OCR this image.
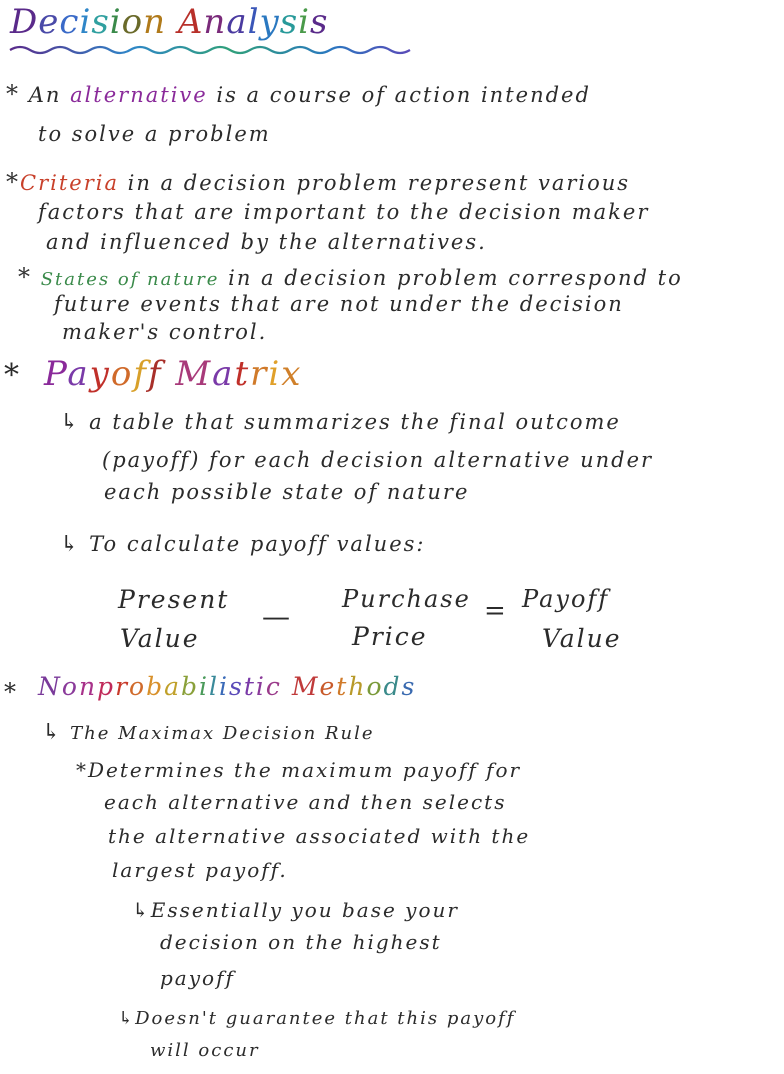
Decision Analysis
* An alternative is a course of action intended
to solve a problem
*Criteria in a decision problem represent various
factors that are important to the decision maker
and influenced by the alternatives.
* States of nature in a decision problem correspond to
future events that are not under the decision
maker's control.
* Payoff Matrix
↳ a table that summarizes the final outcome
(payoff) for each decision alternative under
each possible state of nature
↳ To calculate payoff values:
Present
Value
—
Purchase
Price
= Payoff
Value
* Nonprobabilistic Methods
↳ The Maximax Decision Rule
*Determines the maximum payoff for
each alternative and then selects
the alternative associated with the
largest payoff.
↳Essentially you base your
decision on the highest
payoff
↳Doesn't guarantee that this payoff
will occur
